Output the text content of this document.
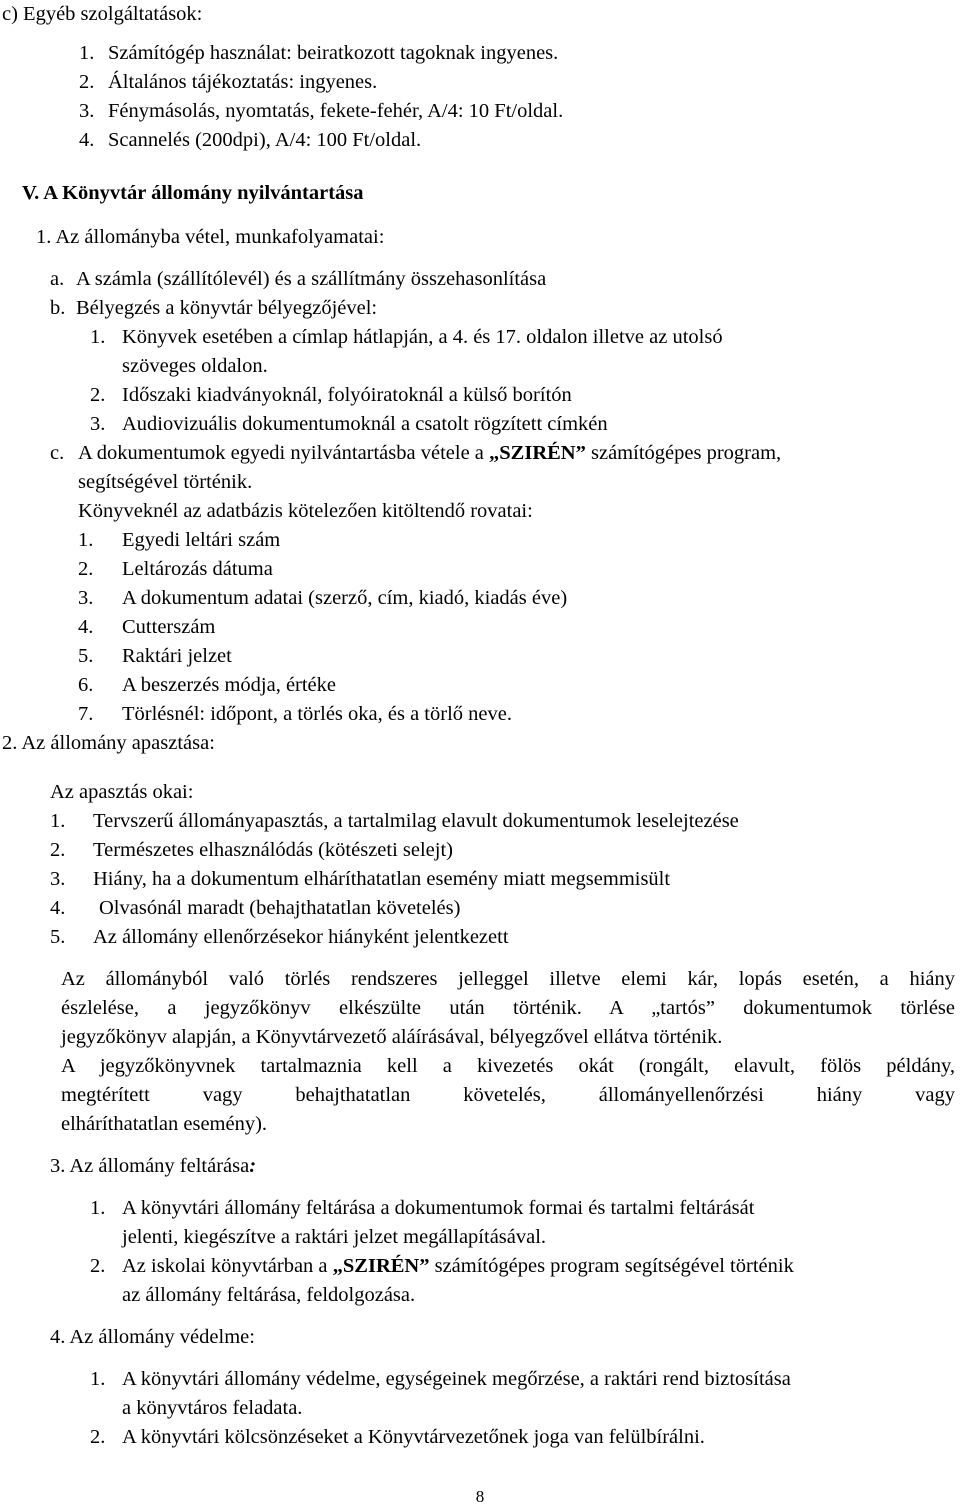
c) Egyéb szolgáltatások:
1. Számítógép használat: beiratkozott tagoknak ingyenes.
2. Általános tájékoztatás: ingyenes.
3. Fénymásolás, nyomtatás, fekete-fehér, A/4: 10 Ft/oldal.
4. Scannelés (200dpi), A/4: 100 Ft/oldal.
V. A Könyvtár állomány nyilvántartása
1. Az állományba vétel, munkafolyamatai:
a. A számla (szállítólevél) és a szállítmány összehasonlítása
b. Bélyegzés a könyvtár bélyegzőjével:
1. Könyvek esetében a címlap hátlapján, a 4. és 17. oldalon illetve az utolsó
szöveges oldalon.
2. Időszaki kiadványoknál, folyóiratoknál a külső borítón
3. Audiovizuális dokumentumoknál a csatolt rögzített címkén
c. A dokumentumok egyedi nyilvántartásba vétele a „SZIRÉN” számítógépes program,
segítségével történik.
Könyveknél az adatbázis kötelezően kitöltendő rovatai:
1. Egyedi leltári szám
2. Leltározás dátuma
3. A dokumentum adatai (szerző, cím, kiadó, kiadás éve)
4. Cutterszám
5. Raktári jelzet
6. A beszerzés módja, értéke
7. Törlésnél: időpont, a törlés oka, és a törlő neve.
2. Az állomány apasztása:
Az apasztás okai:
1. Tervszerű állományapasztás, a tartalmilag elavult dokumentumok leselejtezése
2. Természetes elhasználódás (kötészeti selejt)
3. Hiány, ha a dokumentum elháríthatatlan esemény miatt megsemmisült
4. Olvasónál maradt (behajthatatlan követelés)
5. Az állomány ellenőrzésekor hiányként jelentkezett
Az állományból való törlés rendszeres jelleggel illetve elemi kár, lopás esetén, a hiány
észlelése, a jegyzőkönyv elkészülte után történik. A „tartós” dokumentumok törlése
jegyzőkönyv alapján, a Könyvtárvezető aláírásával, bélyegzővel ellátva történik.
A jegyzőkönyvnek tartalmaznia kell a kivezetés okát (rongált, elavult, fölös példány,
megtérített vagy behajthatatlan követelés, állományellenőrzési hiány vagy
elháríthatatlan esemény).
3. Az állomány feltárása:
1. A könyvtári állomány feltárása a dokumentumok formai és tartalmi feltárását
jelenti, kiegészítve a raktári jelzet megállapításával.
2. Az iskolai könyvtárban a „SZIRÉN” számítógépes program segítségével történik
az állomány feltárása, feldolgozása.
4. Az állomány védelme:
1. A könyvtári állomány védelme, egységeinek megőrzése, a raktári rend biztosítása
a könyvtáros feladata.
2. A könyvtári kölcsönzéseket a Könyvtárvezetőnek joga van felülbírálni.
8
